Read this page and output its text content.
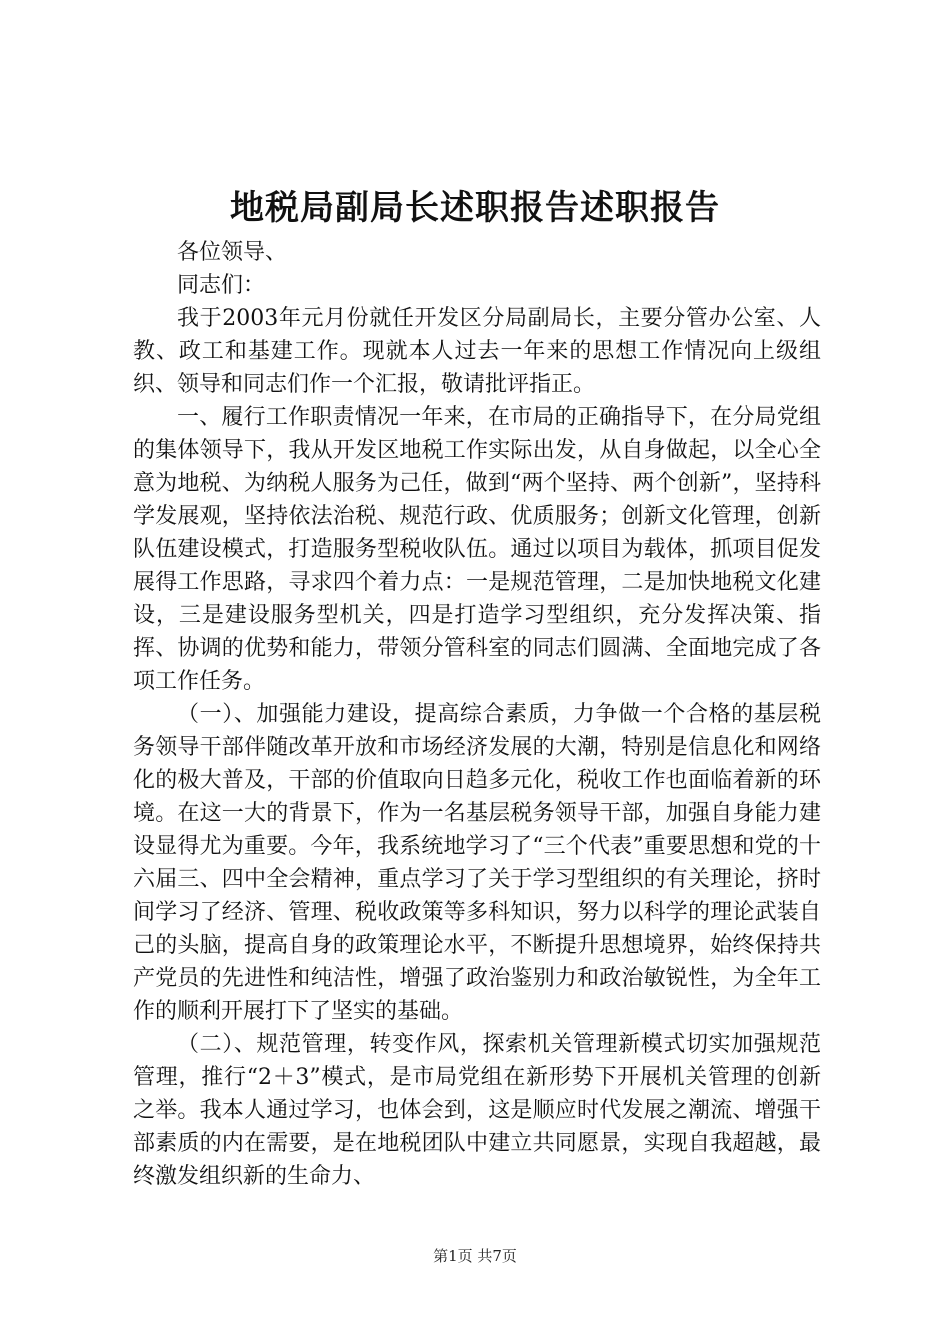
地税局副局长述职报告述职报告

各位领导、

同志们：

我于2003年元月份就任开发区分局副局长，主要分管办公室、人教、政工和基建工作。现就本人过去一年来的思想工作情况向上级组织、领导和同志们作一个汇报，敬请批评指正。

一、履行工作职责情况一年来，在市局的正确指导下，在分局党组的集体领导下，我从开发区地税工作实际出发，从自身做起，以全心全意为地税、为纳税人服务为己任，做到“两个坚持、两个创新”，坚持科学发展观，坚持依法治税、规范行政、优质服务；创新文化管理，创新队伍建设模式，打造服务型税收队伍。通过以项目为载体，抓项目促发展得工作思路，寻求四个着力点：一是规范管理，二是加快地税文化建设，三是建设服务型机关，四是打造学习型组织，充分发挥决策、指挥、协调的优势和能力，带领分管科室的同志们圆满、全面地完成了各项工作任务。

（一）、加强能力建设，提高综合素质，力争做一个合格的基层税务领导干部伴随改革开放和市场经济发展的大潮，特别是信息化和网络化的极大普及，干部的价值取向日趋多元化，税收工作也面临着新的环境。在这一大的背景下，作为一名基层税务领导干部，加强自身能力建设显得尤为重要。今年，我系统地学习了“三个代表”重要思想和党的十六届三、四中全会精神，重点学习了关于学习型组织的有关理论，挤时间学习了经济、管理、税收政策等多科知识，努力以科学的理论武装自己的头脑，提高自身的政策理论水平，不断提升思想境界，始终保持共产党员的先进性和纯洁性，增强了政治鉴别力和政治敏锐性，为全年工作的顺利开展打下了坚实的基础。

（二）、规范管理，转变作风，探索机关管理新模式切实加强规范管理，推行“2＋3”模式，是市局党组在新形势下开展机关管理的创新之举。我本人通过学习，也体会到，这是顺应时代发展之潮流、增强干部素质的内在需要，是在地税团队中建立共同愿景，实现自我超越，最终激发组织新的生命力、

第1页 共7页
